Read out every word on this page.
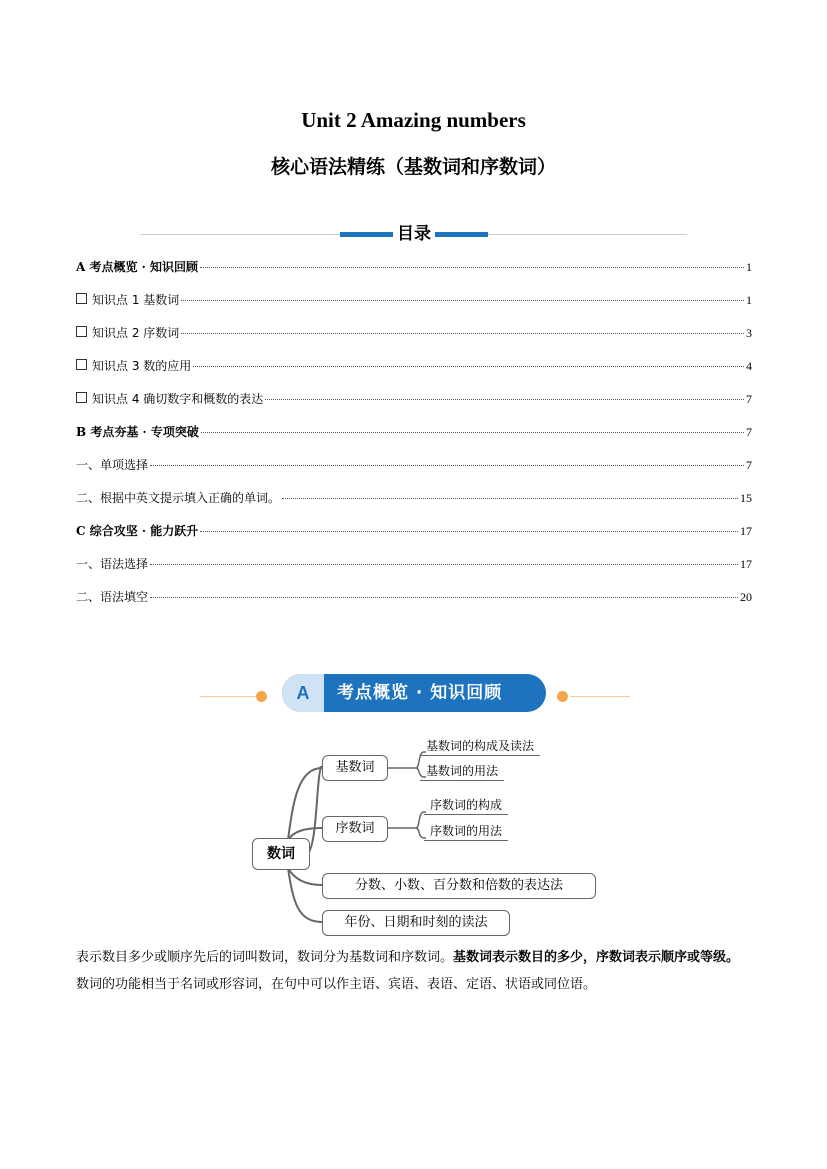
Unit 2 Amazing numbers
核心语法精练（基数词和序数词）
目录
A 考点概览 · 知识回顾	1
知识点 1 基数词	1
知识点 2 序数词	3
知识点 3 数的应用	4
知识点 4 确切数字和概数的表达	7
B 考点夯基 · 专项突破	7
一、单项选择	7
二、根据中英文提示填入正确的单词。	15
C 综合攻坚 · 能力跃升	17
一、语法选择	17
二、语法填空	20
A	考点概览 · 知识回顾
数词
基数词
基数词的构成及读法
基数词的用法
序数词
序数词的构成
序数词的用法
分数、小数、百分数和倍数的表达法
年份、日期和时刻的读法
表示数目多少或顺序先后的词叫数词，数词分为基数词和序数词。基数词表示数目的多少，序数词表示顺序或等级。数词的功能相当于名词或形容词，在句中可以作主语、宾语、表语、定语、状语或同位语。
